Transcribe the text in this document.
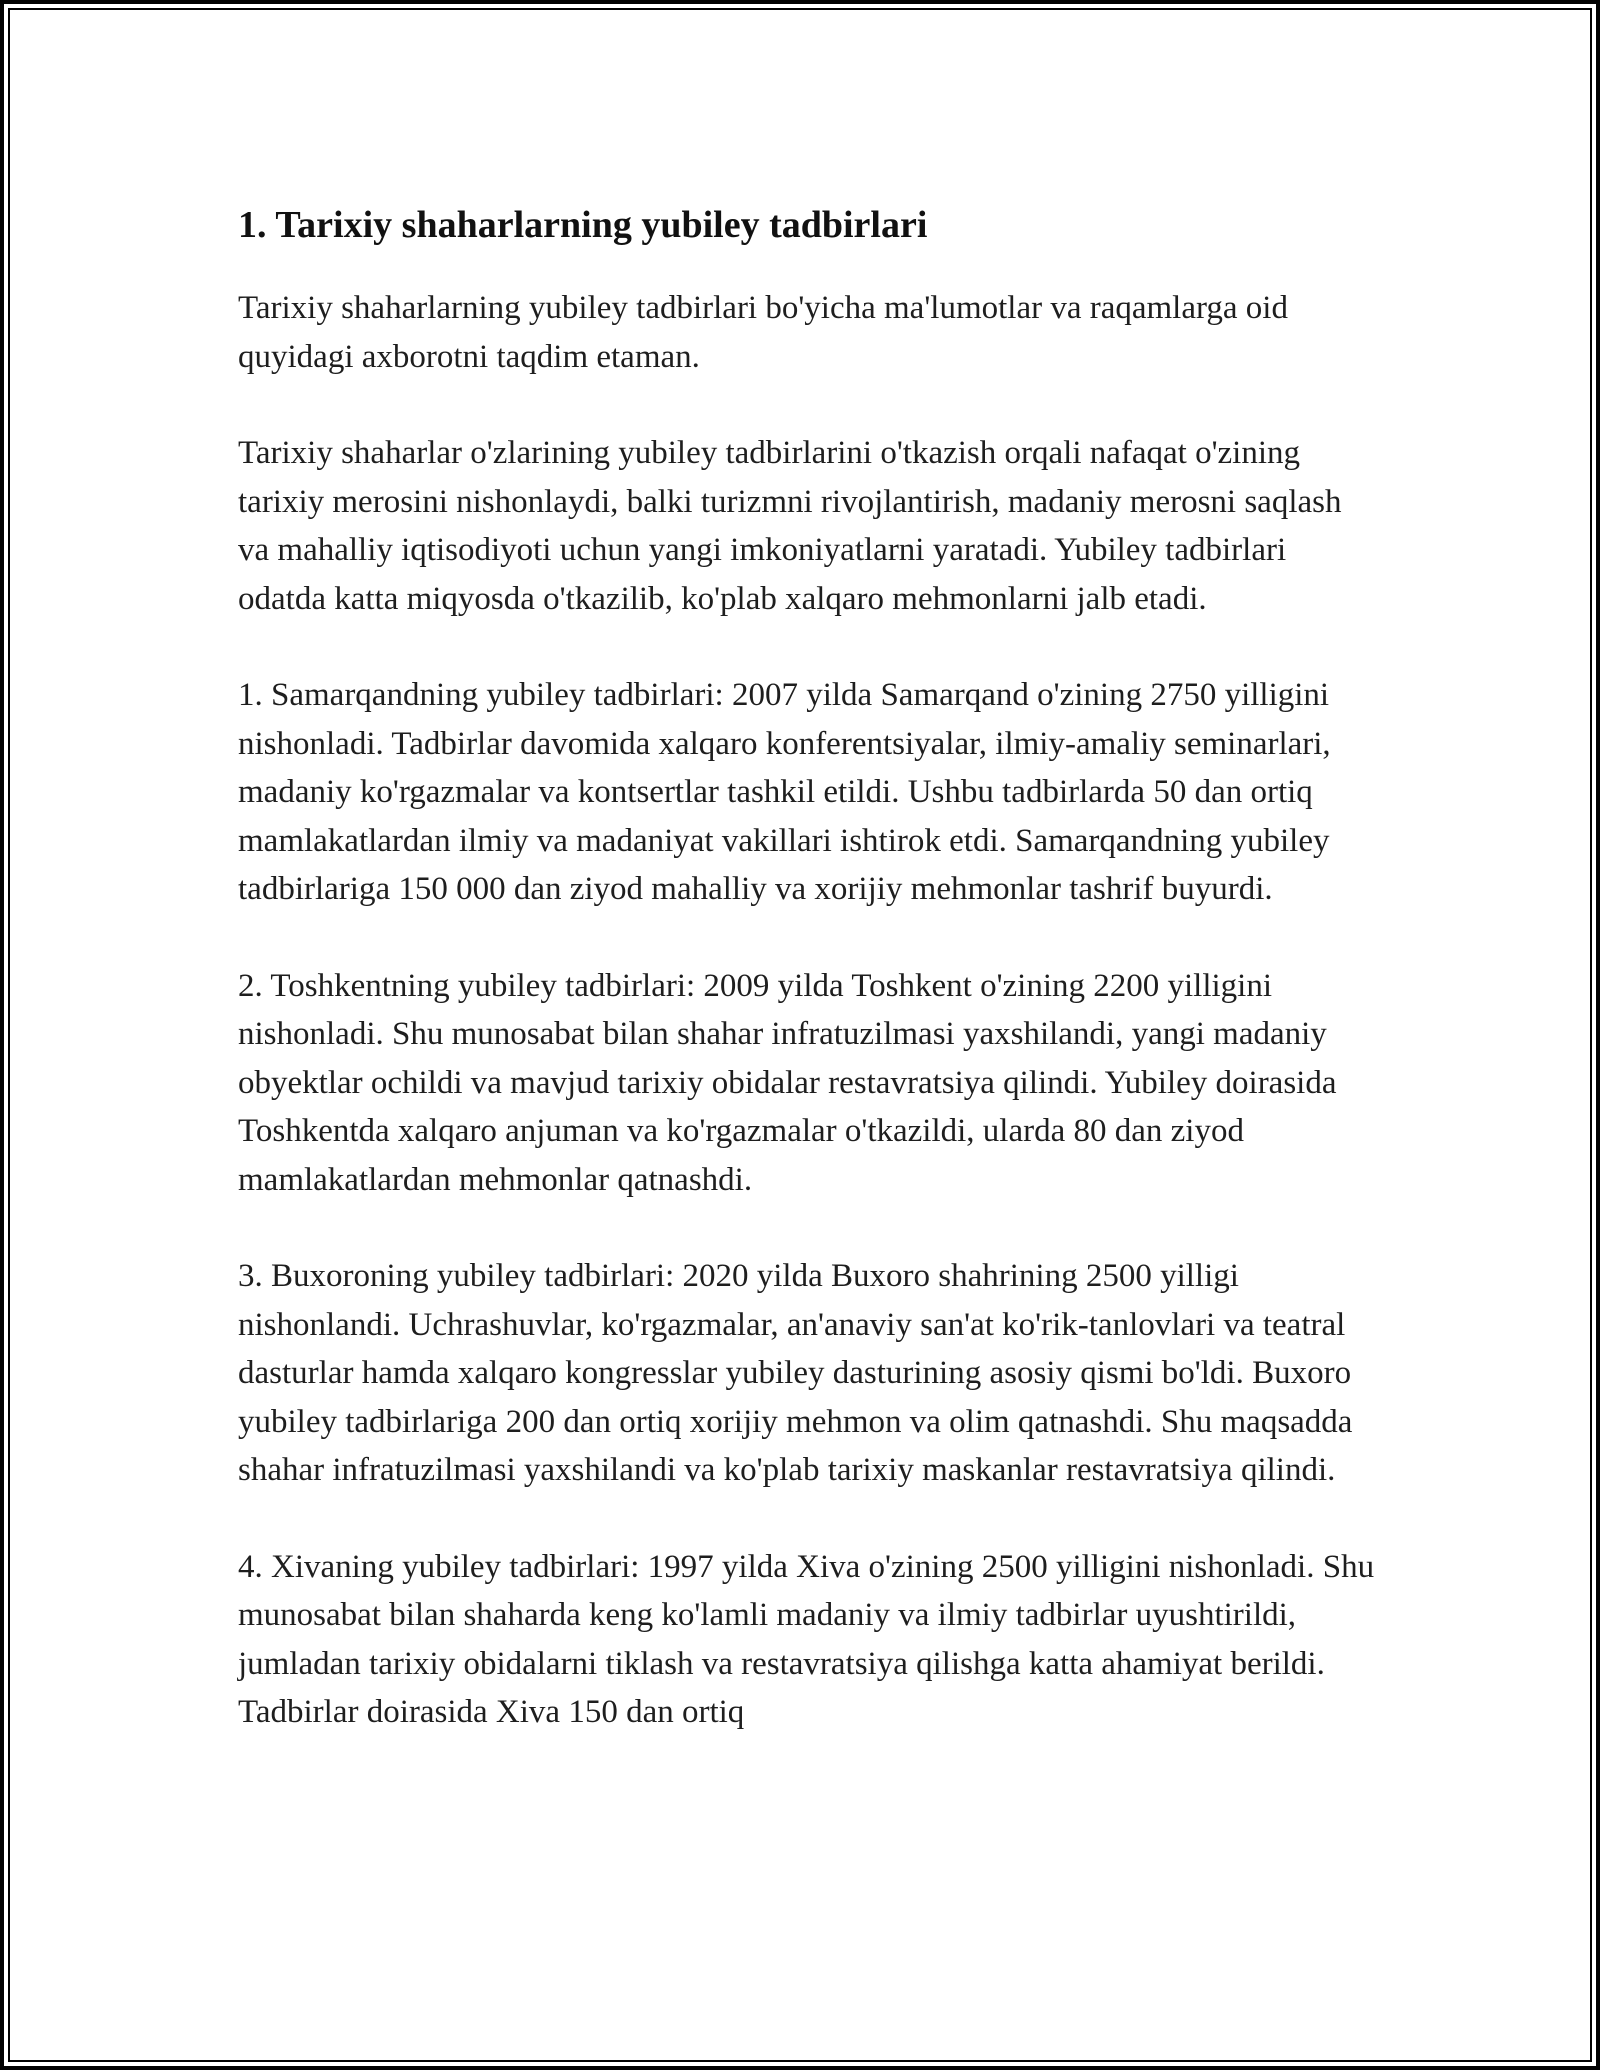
1. Tarixiy shaharlarning yubiley tadbirlari

Tarixiy shaharlarning yubiley tadbirlari bo'yicha ma'lumotlar va raqamlarga oid quyidagi axborotni taqdim etaman.

Tarixiy shaharlar o'zlarining yubiley tadbirlarini o'tkazish orqali nafaqat o'zining tarixiy merosini nishonlaydi, balki turizmni rivojlantirish, madaniy merosni saqlash va mahalliy iqtisodiyoti uchun yangi imkoniyatlarni yaratadi. Yubiley tadbirlari odatda katta miqyosda o'tkazilib, ko'plab xalqaro mehmonlarni jalb etadi.

1. Samarqandning yubiley tadbirlari: 2007 yilda Samarqand o'zining 2750 yilligini nishonladi. Tadbirlar davomida xalqaro konferentsiyalar, ilmiy-amaliy seminarlari, madaniy ko'rgazmalar va kontsertlar tashkil etildi. Ushbu tadbirlarda 50 dan ortiq mamlakatlardan ilmiy va madaniyat vakillari ishtirok etdi. Samarqandning yubiley tadbirlariga 150 000 dan ziyod mahalliy va xorijiy mehmonlar tashrif buyurdi.

2. Toshkentning yubiley tadbirlari: 2009 yilda Toshkent o'zining 2200 yilligini nishonladi. Shu munosabat bilan shahar infratuzilmasi yaxshilandi, yangi madaniy obyektlar ochildi va mavjud tarixiy obidalar restavratsiya qilindi. Yubiley doirasida Toshkentda xalqaro anjuman va ko'rgazmalar o'tkazildi, ularda 80 dan ziyod mamlakatlardan mehmonlar qatnashdi.

3. Buxoroning yubiley tadbirlari: 2020 yilda Buxoro shahrining 2500 yilligi nishonlandi. Uchrashuvlar, ko'rgazmalar, an'anaviy san'at ko'rik-tanlovlari va teatral dasturlar hamda xalqaro kongresslar yubiley dasturining asosiy qismi bo'ldi. Buxoro yubiley tadbirlariga 200 dan ortiq xorijiy mehmon va olim qatnashdi. Shu maqsadda shahar infratuzilmasi yaxshilandi va ko'plab tarixiy maskanlar restavratsiya qilindi.

4. Xivaning yubiley tadbirlari: 1997 yilda Xiva o'zining 2500 yilligini nishonladi. Shu munosabat bilan shaharda keng ko'lamli madaniy va ilmiy tadbirlar uyushtirildi, jumladan tarixiy obidalarni tiklash va restavratsiya qilishga katta ahamiyat berildi. Tadbirlar doirasida Xiva 150 dan ortiq
